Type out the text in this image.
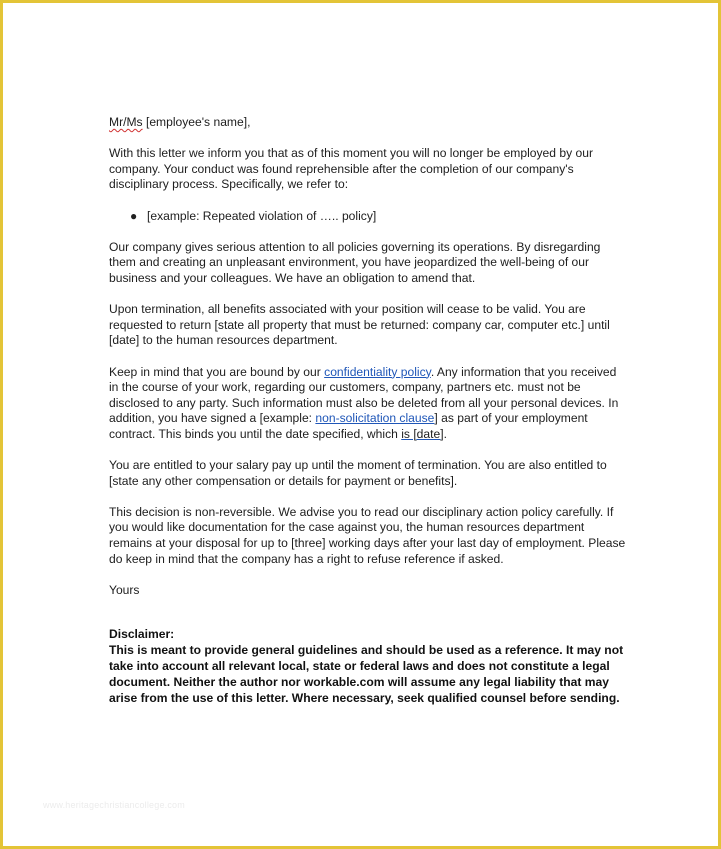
Mr/Ms [employee's name],

With this letter we inform you that as of this moment you will no longer be employed by our company. Your conduct was found reprehensible after the completion of our company's disciplinary process. Specifically, we refer to:

● [example: Repeated violation of ….. policy]

Our company gives serious attention to all policies governing its operations. By disregarding them and creating an unpleasant environment, you have jeopardized the well-being of our business and your colleagues. We have an obligation to amend that.

Upon termination, all benefits associated with your position will cease to be valid. You are requested to return [state all property that must be returned: company car, computer etc.] until [date] to the human resources department.

Keep in mind that you are bound by our confidentiality policy. Any information that you received in the course of your work, regarding our customers, company, partners etc. must not be disclosed to any party. Such information must also be deleted from all your personal devices. In addition, you have signed a [example: non-solicitation clause] as part of your employment contract. This binds you until the date specified, which is [date].

You are entitled to your salary pay up until the moment of termination. You are also entitled to [state any other compensation or details for payment or benefits].

This decision is non-reversible. We advise you to read our disciplinary action policy carefully. If you would like documentation for the case against you, the human resources department remains at your disposal for up to [three] working days after your last day of employment. Please do keep in mind that the company has a right to refuse reference if asked.

Yours

Disclaimer:
This is meant to provide general guidelines and should be used as a reference. It may not take into account all relevant local, state or federal laws and does not constitute a legal document. Neither the author nor workable.com will assume any legal liability that may arise from the use of this letter. Where necessary, seek qualified counsel before sending.
www.heritagechristiancollege.com
